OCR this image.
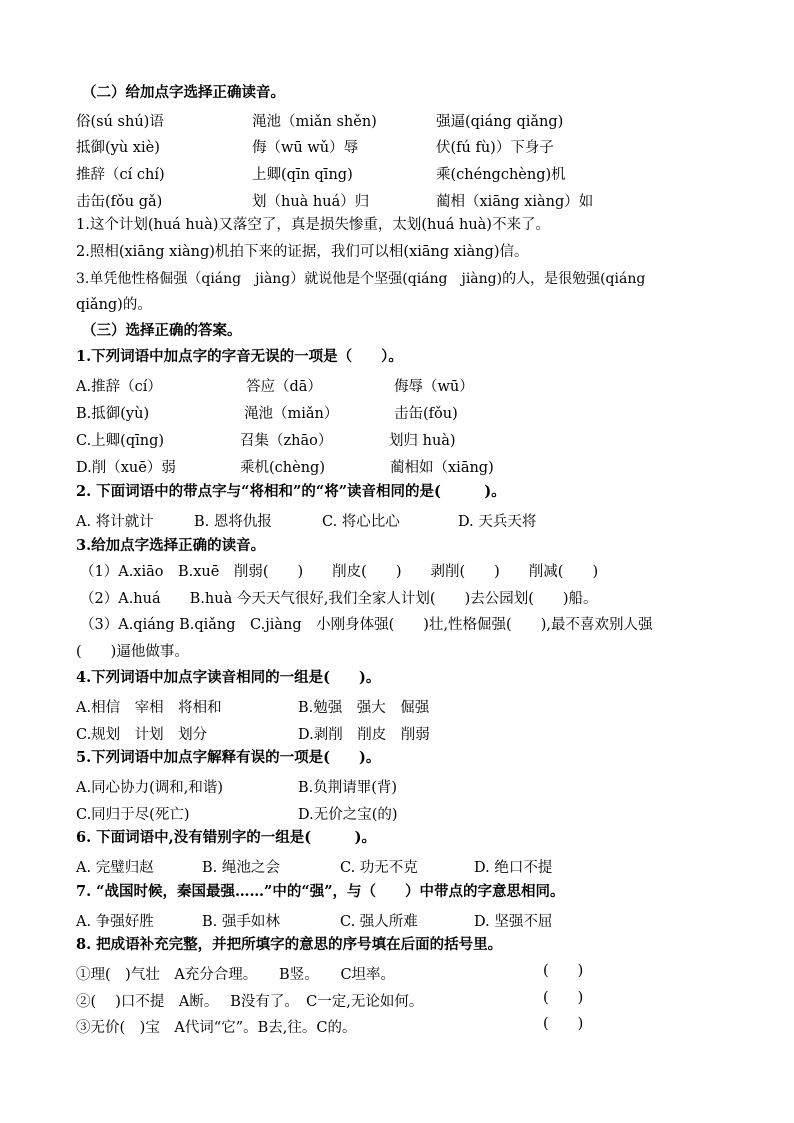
（二）给加点字选择正确读音。
俗(sú shú)语	渑池（miǎn shěn)	强逼(qiáng qiǎng)
抵御(yù xiè)	侮（wū wǔ）辱	伏(fú fù)）下身子
推辞（cí chí)	上卿(qīn qīng)	乘(chéngchèng)机
击缶(fǒu gǎ)	划（huà huá）归	蔺相（xiāng xiàng）如
1.这个计划(huá huà)又落空了，真是损失惨重，太划(huá huà)不来了。
2.照相(xiāng xiàng)机拍下来的证据，我们可以相(xiāng xiàng)信。
3.单凭他性格倔强（qiáng　jiàng）就说他是个坚强(qiáng　jiàng)的人，是很勉强(qiáng
qiǎng)的。
（三）选择正确的答案。
1.下列词语中加点字的字音无误的一项是（　　）。
A.推辞（cí）	答应（dā）	侮辱（wū）
B.抵御(yù)	渑池（miǎn）	击缶(fǒu)
C.上卿(qīng)	召集（zhāo）	划归 huà)
D.削（xuē）弱	乘机(chèng)	蔺相如（xiāng)
2. 下面词语中的带点字与“将相和”的“将”读音相同的是(　　　)。
A. 将计就计	B. 恩将仇报	C. 将心比心	D. 天兵天将
3.给加点字选择正确的读音。
（1）A.xiāo　B.xuē　削弱(　　)　　削皮(　　)　　剥削(　　)　　削减(　　)
（2）A.huá　　B.huà 今天天气很好,我们全家人计划(　　)去公园划(　　)船。
（3）A.qiáng B.qiǎng　C.jiàng　小刚身体强(　　)壮,性格倔强(　　),最不喜欢别人强
(　　)逼他做事。
4.下列词语中加点字读音相同的一组是(　　)。
A.相信　宰相　将相和	B.勉强　强大　倔强
C.规划　计划　划分	D.剥削　削皮　削弱
5.下列词语中加点字解释有误的一项是(　　)。
A.同心协力(调和,和谐)	B.负荆请罪(背)
C.同归于尽(死亡)	D.无价之宝(的)
6. 下面词语中,没有错别字的一组是(　　　)。
A. 完璧归赵	B. 绳池之会	C. 功无不克	D. 绝口不提
7. “战国时候，秦国最强……”中的“强”，与（　　）中带点的字意思相同。
A. 争强好胜	B. 强手如林	C. 强人所难	D. 坚强不屈
8. 把成语补充完整，并把所填字的意思的序号填在后面的括号里。
①理(　)气壮　A充分合理。　　B竖。　　C坦率。	(　　)
②(　 )口不提　A断。　 B没有了。　C一定,无论如何。	(　　)
③无价(　)宝　A代词“它”。B去,往。C的。	(　　)
